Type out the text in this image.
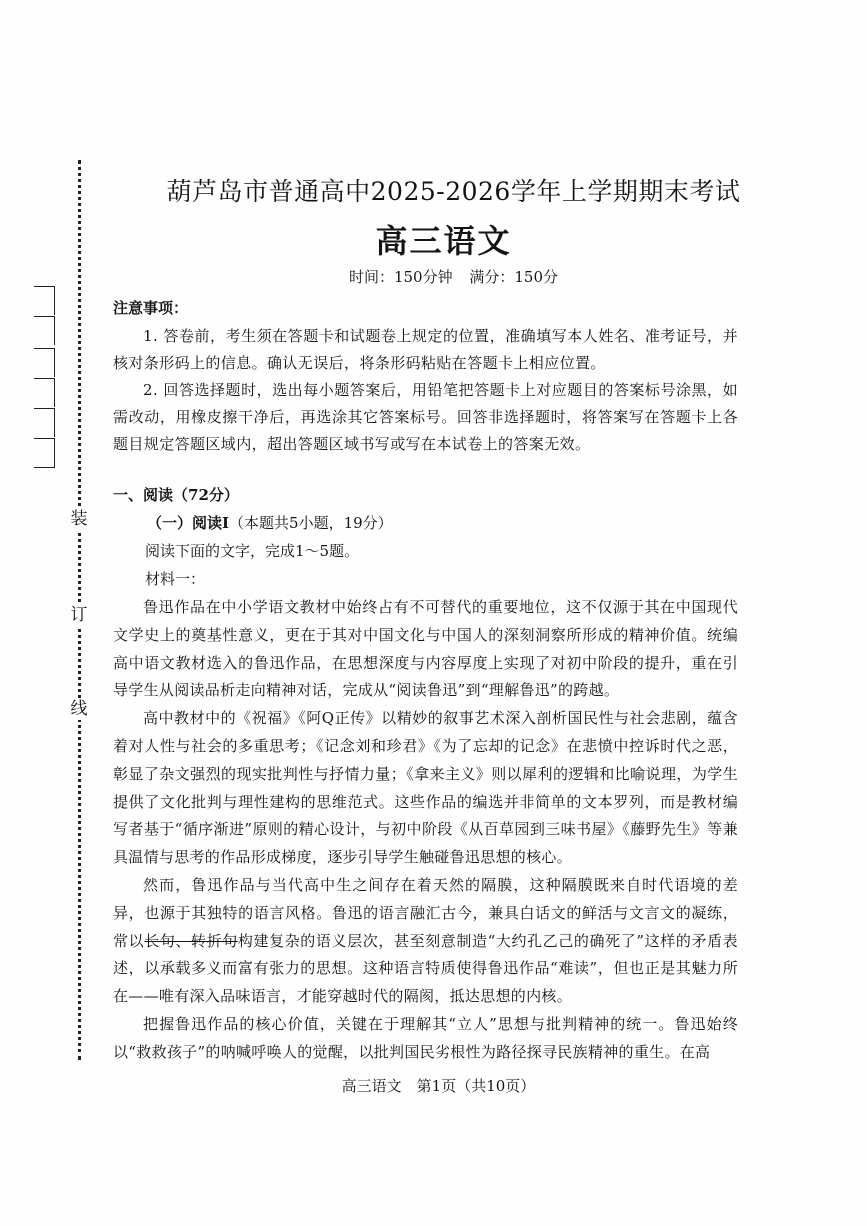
装
订
线
葫芦岛市普通高中2025-2026学年上学期期末考试
高三语文
时间：150分钟 满分：150分
注意事项：

1. 答卷前，考生须在答题卡和试题卷上规定的位置，准确填写本人姓名、准考证号，并核对条形码上的信息。确认无误后，将条形码粘贴在答题卡上相应位置。

2. 回答选择题时，选出每小题答案后，用铅笔把答题卡上对应题目的答案标号涂黑，如需改动，用橡皮擦干净后，再选涂其它答案标号。回答非选择题时，将答案写在答题卡上各题目规定答题区域内，超出答题区域书写或写在本试卷上的答案无效。

一、阅读（72分）
（一）阅读Ⅰ（本题共5小题，19分）
阅读下面的文字，完成1～5题。
材料一：

鲁迅作品在中小学语文教材中始终占有不可替代的重要地位，这不仅源于其在中国现代文学史上的奠基性意义，更在于其对中国文化与中国人的深刻洞察所形成的精神价值。统编高中语文教材选入的鲁迅作品，在思想深度与内容厚度上实现了对初中阶段的提升，重在引导学生从阅读品析走向精神对话，完成从“阅读鲁迅”到“理解鲁迅”的跨越。

高中教材中的《祝福》《阿Q正传》以精妙的叙事艺术深入剖析国民性与社会悲剧，蕴含着对人性与社会的多重思考；《记念刘和珍君》《为了忘却的记念》在悲愤中控诉时代之恶，彰显了杂文强烈的现实批判性与抒情力量；《拿来主义》则以犀利的逻辑和比喻说理，为学生提供了文化批判与理性建构的思维范式。这些作品的编选并非简单的文本罗列，而是教材编写者基于“循序渐进”原则的精心设计，与初中阶段《从百草园到三味书屋》《藤野先生》等兼具温情与思考的作品形成梯度，逐步引导学生触碰鲁迅思想的核心。

然而，鲁迅作品与当代高中生之间存在着天然的隔膜，这种隔膜既来自时代语境的差异，也源于其独特的语言风格。鲁迅的语言融汇古今，兼具白话文的鲜活与文言文的凝练，常以长句、转折句构建复杂的语义层次，甚至刻意制造“大约孔乙己的确死了”这样的矛盾表述，以承载多义而富有张力的思想。这种语言特质使得鲁迅作品“难读”，但也正是其魅力所在——唯有深入品味语言，才能穿越时代的隔阂，抵达思想的内核。

把握鲁迅作品的核心价值，关键在于理解其“立人”思想与批判精神的统一。鲁迅始终以“救救孩子”的呐喊呼唤人的觉醒，以批判国民劣根性为路径探寻民族精神的重生。在高

高三语文　第1页（共10页）
